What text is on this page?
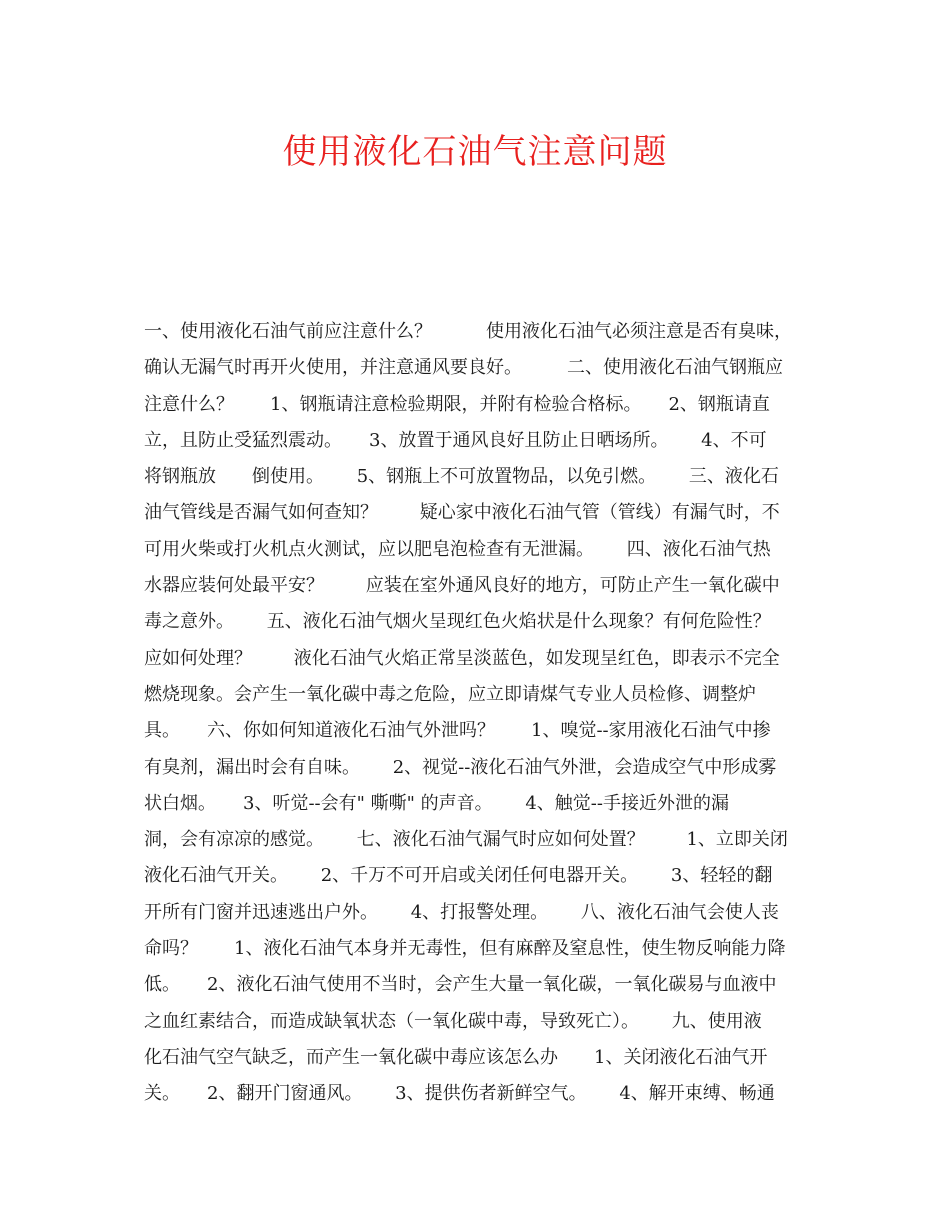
使用液化石油气注意问题
一、使用液化石油气前应注意什么？　　　使用液化石油气必须注意是否有臭味，
确认无漏气时再开火使用，并注意通风要良好。　　　二、使用液化石油气钢瓶应
注意什么？　　1、钢瓶请注意检验期限，并附有检验合格标。　　2、钢瓶请直
立，且防止受猛烈震动。　　3、放置于通风良好且防止日晒场所。　　 4、不可
将钢瓶放　　倒使用。　　 5、钢瓶上不可放置物品，以免引燃。　　 三、液化石
油气管线是否漏气如何查知？　　 疑心家中液化石油气管（管线）有漏气时，不
可用火柴或打火机点火测试，应以肥皂泡检查有无泄漏。　　 四、液化石油气热
水器应装何处最平安？　　 应装在室外通风良好的地方，可防止产生一氧化碳中
毒之意外。　　 五、液化石油气烟火呈现红色火焰状是什么现象？有何危险性？
应如何处理？　　 液化石油气火焰正常呈淡蓝色，如发现呈红色，即表示不完全
燃烧现象。会产生一氧化碳中毒之危险，应立即请煤气专业人员检修、调整炉
具。　　六、你如何知道液化石油气外泄吗？　　1、嗅觉--家用液化石油气中掺
有臭剂，漏出时会有自味。　　 2、视觉--液化石油气外泄，会造成空气中形成雾
状白烟。　　3、听觉--会有" 嘶嘶" 的声音。　　 4、触觉--手接近外泄的漏
洞，会有凉凉的感觉。　　 七、液化石油气漏气时应如何处置？　　 1、立即关闭
液化石油气开关。　　 2、千万不可开启或关闭任何电器开关。　　 3、轻轻的翻
开所有门窗并迅速逃出户外。　　 4、打报警处理。　　 八、液化石油气会使人丧
命吗？　　1、液化石油气本身并无毒性，但有麻醉及窒息性，使生物反响能力降
低。　　2、液化石油气使用不当时，会产生大量一氧化碳，一氧化碳易与血液中
之血红素结合，而造成缺氧状态（一氧化碳中毒，导致死亡）。　　 九、使用液
化石油气空气缺乏，而产生一氧化碳中毒应该怎么办　　1、关闭液化石油气开
关。　　2、翻开门窗通风。　　 3、提供伤者新鲜空气。　　 4、解开束缚、畅通
